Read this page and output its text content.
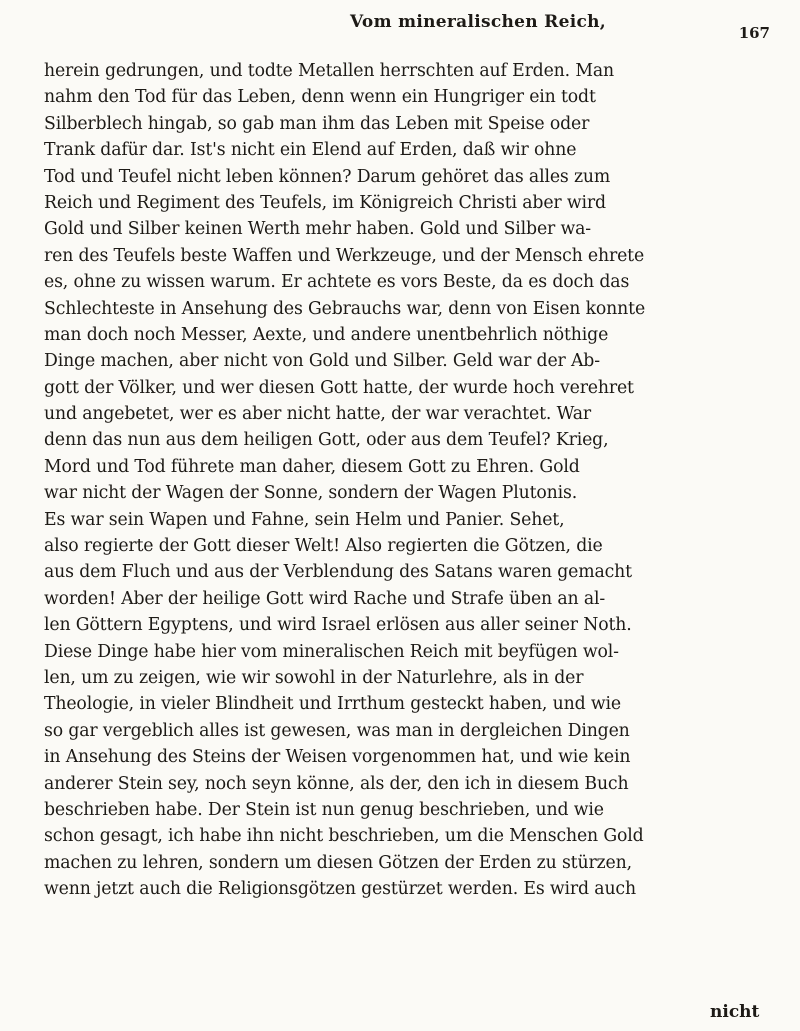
Vom mineralischen Reich,
167
herein gedrungen, und todte Metallen herrschten auf Erden. Man
nahm den Tod für das Leben, denn wenn ein Hungriger ein todt
Silberblech hingab, so gab man ihm das Leben mit Speise oder
Trank dafür dar. Ist's nicht ein Elend auf Erden, daß wir ohne
Tod und Teufel nicht leben können? Darum gehöret das alles zum
Reich und Regiment des Teufels, im Königreich Christi aber wird
Gold und Silber keinen Werth mehr haben. Gold und Silber wa-
ren des Teufels beste Waffen und Werkzeuge, und der Mensch ehrete
es, ohne zu wissen warum. Er achtete es vors Beste, da es doch das
Schlechteste in Ansehung des Gebrauchs war, denn von Eisen konnte
man doch noch Messer, Aexte, und andere unentbehrlich nöthige
Dinge machen, aber nicht von Gold und Silber. Geld war der Ab-
gott der Völker, und wer diesen Gott hatte, der wurde hoch verehret
und angebetet, wer es aber nicht hatte, der war verachtet. War
denn das nun aus dem heiligen Gott, oder aus dem Teufel? Krieg,
Mord und Tod führete man daher, diesem Gott zu Ehren. Gold
war nicht der Wagen der Sonne, sondern der Wagen Plutonis.
Es war sein Wapen und Fahne, sein Helm und Panier. Sehet,
also regierte der Gott dieser Welt! Also regierten die Götzen, die
aus dem Fluch und aus der Verblendung des Satans waren gemacht
worden! Aber der heilige Gott wird Rache und Strafe üben an al-
len Göttern Egyptens, und wird Israel erlösen aus aller seiner Noth.
Diese Dinge habe hier vom mineralischen Reich mit beyfügen wol-
len, um zu zeigen, wie wir sowohl in der Naturlehre, als in der
Theologie, in vieler Blindheit und Irrthum gesteckt haben, und wie
so gar vergeblich alles ist gewesen, was man in dergleichen Dingen
in Ansehung des Steins der Weisen vorgenommen hat, und wie kein
anderer Stein sey, noch seyn könne, als der, den ich in diesem Buch
beschrieben habe. Der Stein ist nun genug beschrieben, und wie
schon gesagt, ich habe ihn nicht beschrieben, um die Menschen Gold
machen zu lehren, sondern um diesen Götzen der Erden zu stürzen,
wenn jetzt auch die Religionsgötzen gestürzet werden. Es wird auch
nicht
